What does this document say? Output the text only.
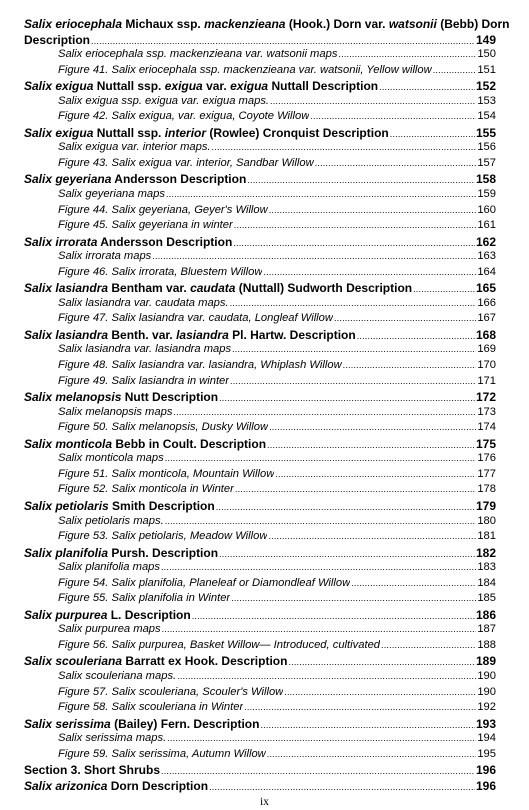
Salix eriocephala Michaux ssp. mackenzieana (Hook.) Dorn var. watsonii (Bebb) Dorn
Description .....	149
Salix eriocephala ssp. mackenzieana var. watsonii maps .....	150
Figure 41. Salix eriocephala ssp. mackenzieana var. watsonii, Yellow willow .....	151
Salix exigua Nuttall ssp. exigua var. exigua Nuttall Description .....	152
Salix exigua ssp. exigua var. exigua maps. .....	153
Figure 42. Salix exigua, var. exigua, Coyote Willow .....	154
Salix exigua Nuttall ssp. interior (Rowlee) Cronquist Description .....	155
Salix exigua var. interior maps. .....	156
Figure 43. Salix exigua var. interior, Sandbar Willow .....	157
Salix geyeriana Andersson Description .....	158
Salix geyeriana maps .....	159
Figure 44. Salix geyeriana, Geyer's Willow .....	160
Figure 45. Salix geyeriana in winter .....	161
Salix irrorata Andersson Description .....	162
Salix irrorata maps .....	163
Figure 46. Salix irrorata, Bluestem Willow .....	164
Salix lasiandra Bentham var. caudata (Nuttall) Sudworth Description .....	165
Salix lasiandra var. caudata maps. .....	166
Figure 47. Salix lasiandra var. caudata, Longleaf Willow .....	167
Salix lasiandra Benth. var. lasiandra Pl. Hartw. Description .....	168
Salix lasiandra var. lasiandra maps .....	169
Figure 48. Salix lasiandra var. lasiandra, Whiplash Willow .....	170
Figure 49. Salix lasiandra in winter .....	171
Salix melanopsis Nutt Description .....	172
Salix melanopsis maps .....	173
Figure 50. Salix melanopsis, Dusky Willow .....	174
Salix monticola Bebb in Coult. Description .....	175
Salix monticola maps .....	176
Figure 51. Salix monticola, Mountain Willow .....	177
Figure 52. Salix monticola in Winter .....	178
Salix petiolaris Smith Description .....	179
Salix petiolaris maps. .....	180
Figure 53. Salix petiolaris, Meadow Willow .....	181
Salix planifolia Pursh. Description .....	182
Salix planifolia maps .....	183
Figure 54. Salix planifolia, Planeleaf or Diamondleaf Willow .....	184
Figure 55. Salix planifolia in Winter .....	185
Salix purpurea L. Description .....	186
Salix purpurea maps .....	187
Figure 56. Salix purpurea, Basket Willow— Introduced, cultivated .....	188
Salix scouleriana Barratt ex Hook. Description .....	189
Salix scouleriana maps. .....	190
Figure 57. Salix scouleriana, Scouler's Willow .....	190
Figure 58. Salix scouleriana in Winter .....	192
Salix serissima (Bailey) Fern. Description .....	193
Salix serissima maps. .....	194
Figure 59. Salix serissima, Autumn Willow .....	195
Section 3. Short Shrubs .....	196
Salix arizonica Dorn Description .....	196
ix
